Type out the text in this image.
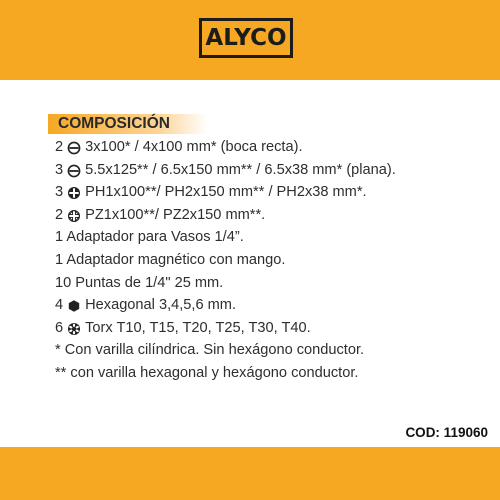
ALYCO
COMPOSICIÓN
2 3x100* / 4x100 mm* (boca recta).
3 5.5x125** / 6.5x150 mm** / 6.5x38 mm* (plana).
3 PH1x100**/ PH2x150 mm** / PH2x38 mm*.
2 PZ1x100**/ PZ2x150 mm**.
1 Adaptador para Vasos 1/4”.
1 Adaptador magnético con mango.
10 Puntas de 1/4" 25 mm.
4 Hexagonal 3,4,5,6 mm.
6 Torx T10, T15, T20, T25, T30, T40.
* Con varilla cilíndrica. Sin hexágono conductor.
** con varilla hexagonal y hexágono conductor.
COD: 119060
